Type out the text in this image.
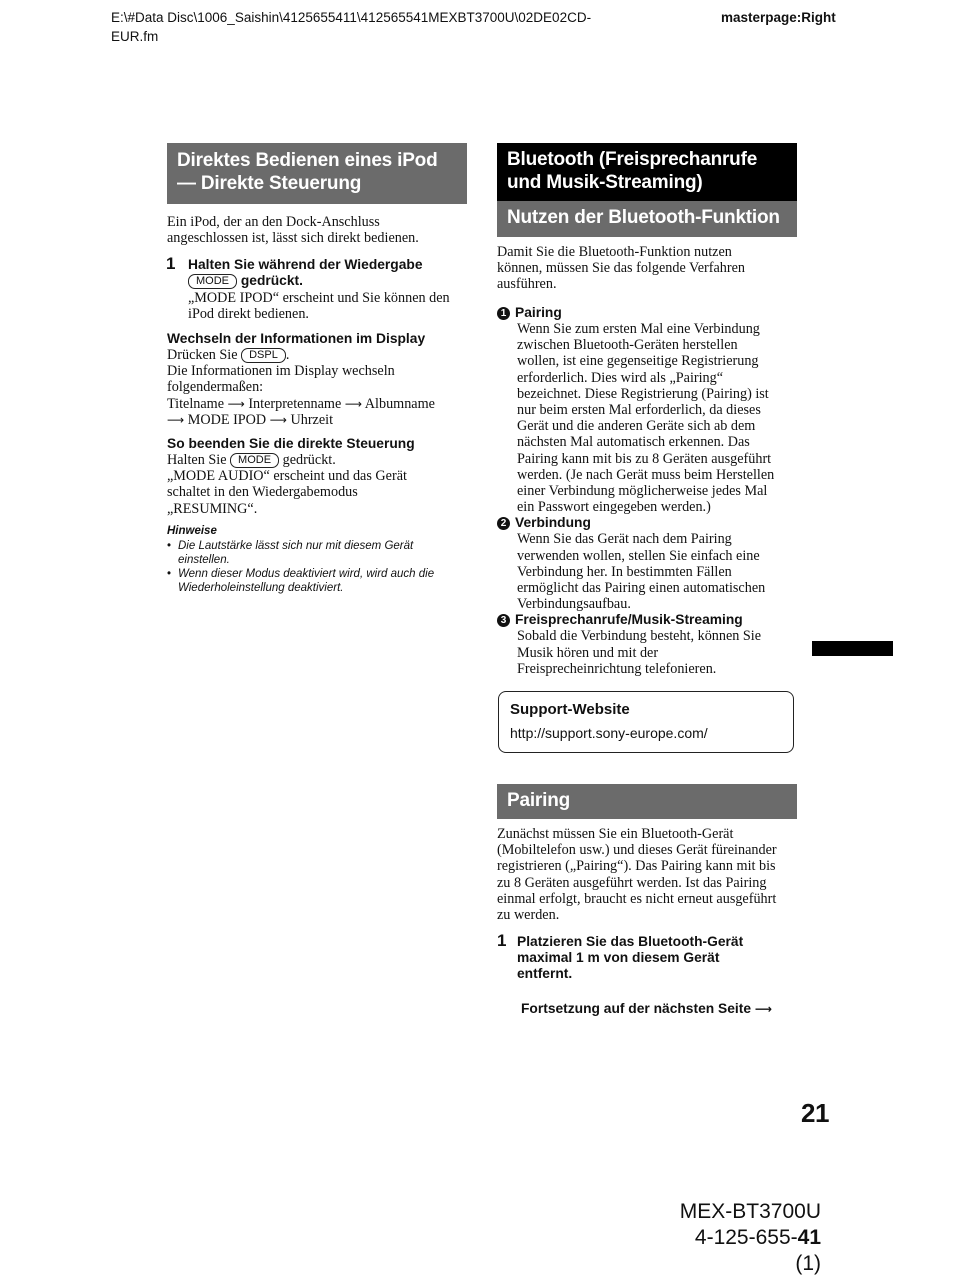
E:\#Data Disc\1006_Saishin\4125655411\412565541MEXBT3700U\02DE02CD-
EUR.fm
masterpage:Right
Direktes Bedienen eines iPod
— Direkte Steuerung
Ein iPod, der an den Dock-Anschluss
angeschlossen ist, lässt sich direkt bedienen.
1 Halten Sie während der Wiedergabe
MODE gedrückt.
„MODE IPOD“ erscheint und Sie können den
iPod direkt bedienen.
Wechseln der Informationen im Display
Drücken Sie DSPL .
Die Informationen im Display wechseln
folgendermaßen:
Titelname ⟶ Interpretenname ⟶ Albumname
⟶ MODE IPOD ⟶ Uhrzeit
So beenden Sie die direkte Steuerung
Halten Sie MODE gedrückt.
„MODE AUDIO“ erscheint und das Gerät
schaltet in den Wiedergabemodus
„RESUMING“.
Hinweise
• Die Lautstärke lässt sich nur mit diesem Gerät
einstellen.
• Wenn dieser Modus deaktiviert wird, wird auch die
Wiederholeinstellung deaktiviert.
Bluetooth (Freisprechanrufe
und Musik-Streaming)
Nutzen der Bluetooth-Funktion
Damit Sie die Bluetooth-Funktion nutzen
können, müssen Sie das folgende Verfahren
ausführen.
1 Pairing
Wenn Sie zum ersten Mal eine Verbindung
zwischen Bluetooth-Geräten herstellen
wollen, ist eine gegenseitige Registrierung
erforderlich. Dies wird als „Pairing“
bezeichnet. Diese Registrierung (Pairing) ist
nur beim ersten Mal erforderlich, da dieses
Gerät und die anderen Geräte sich ab dem
nächsten Mal automatisch erkennen. Das
Pairing kann mit bis zu 8 Geräten ausgeführt
werden. (Je nach Gerät muss beim Herstellen
einer Verbindung möglicherweise jedes Mal
ein Passwort eingegeben werden.)
2 Verbindung
Wenn Sie das Gerät nach dem Pairing
verwenden wollen, stellen Sie einfach eine
Verbindung her. In bestimmten Fällen
ermöglicht das Pairing einen automatischen
Verbindungsaufbau.
3 Freisprechanrufe/Musik-Streaming
Sobald die Verbindung besteht, können Sie
Musik hören und mit der
Freisprecheinrichtung telefonieren.
Support-Website
http://support.sony-europe.com/
Pairing
Zunächst müssen Sie ein Bluetooth-Gerät
(Mobiltelefon usw.) und dieses Gerät füreinander
registrieren („Pairing“). Das Pairing kann mit bis
zu 8 Geräten ausgeführt werden. Ist das Pairing
einmal erfolgt, braucht es nicht erneut ausgeführt
zu werden.
1 Platzieren Sie das Bluetooth-Gerät
maximal 1 m von diesem Gerät
entfernt.
Fortsetzung auf der nächsten Seite ⟶
21
MEX-BT3700U
4-125-655-41 (1)
